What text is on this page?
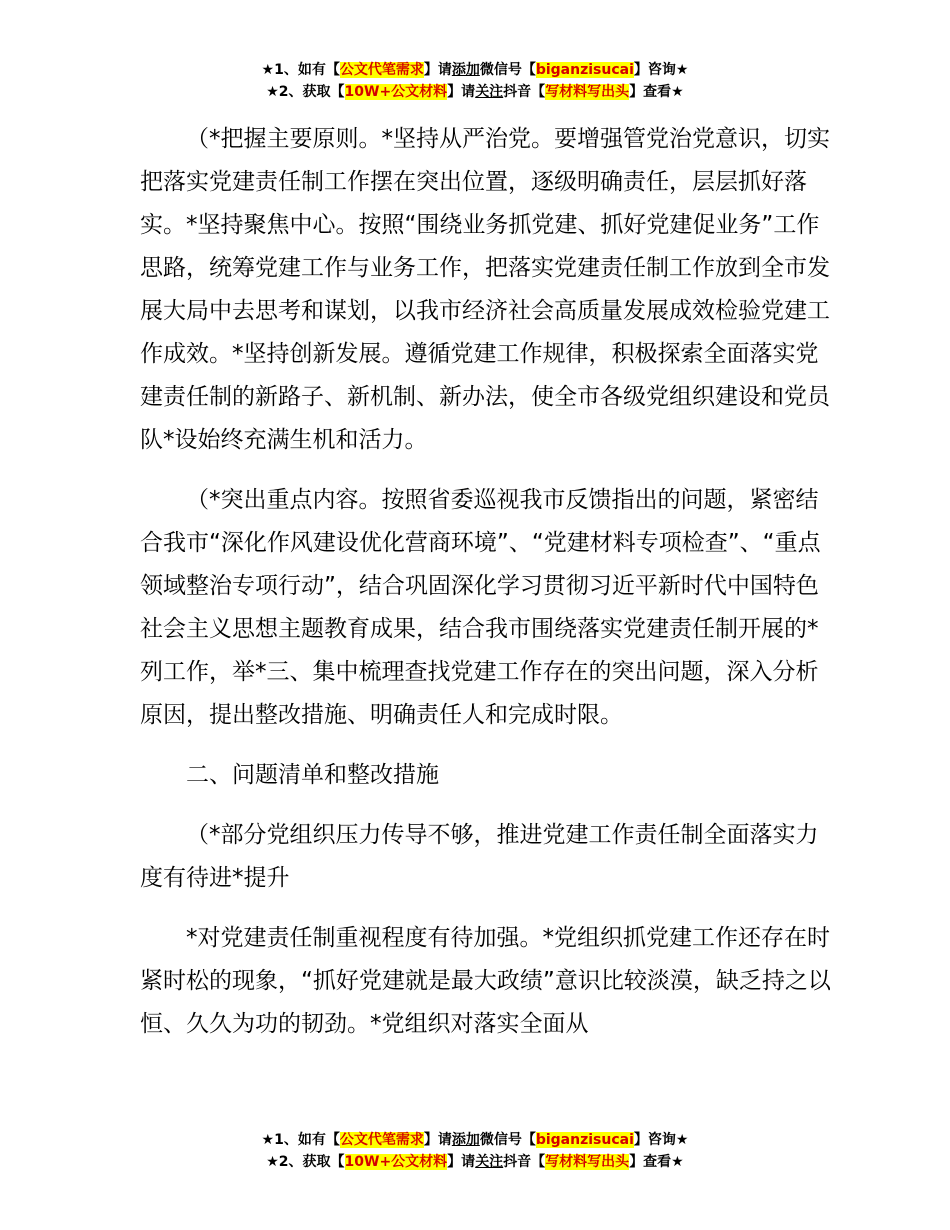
★1、如有【公文代笔需求】请添加微信号【biganzisucai】咨询★
★2、获取【10W+公文材料】请关注抖音【写材料写出头】查看★

（*把握主要原则。*坚持从严治党。要增强管党治党意识，切实把落实党建责任制工作摆在突出位置，逐级明确责任，层层抓好落实。*坚持聚焦中心。按照“围绕业务抓党建、抓好党建促业务”工作思路，统筹党建工作与业务工作，把落实党建责任制工作放到全市发展大局中去思考和谋划，以我市经济社会高质量发展成效检验党建工作成效。*坚持创新发展。遵循党建工作规律，积极探索全面落实党建责任制的新路子、新机制、新办法，使全市各级党组织建设和党员队*设始终充满生机和活力。

（*突出重点内容。按照省委巡视我市反馈指出的问题，紧密结合我市“深化作风建设优化营商环境”、“党建材料专项检查”、“重点领域整治专项行动”，结合巩固深化学习贯彻习近平新时代中国特色社会主义思想主题教育成果，结合我市围绕落实党建责任制开展的*列工作，举*三、集中梳理查找党建工作存在的突出问题，深入分析原因，提出整改措施、明确责任人和完成时限。

二、问题清单和整改措施

（*部分党组织压力传导不够，推进党建工作责任制全面落实力度有待进*提升

*对党建责任制重视程度有待加强。*党组织抓党建工作还存在时紧时松的现象，“抓好党建就是最大政绩”意识比较淡漠，缺乏持之以恒、久久为功的韧劲。*党组织对落实全面从

★1、如有【公文代笔需求】请添加微信号【biganzisucai】咨询★
★2、获取【10W+公文材料】请关注抖音【写材料写出头】查看★
